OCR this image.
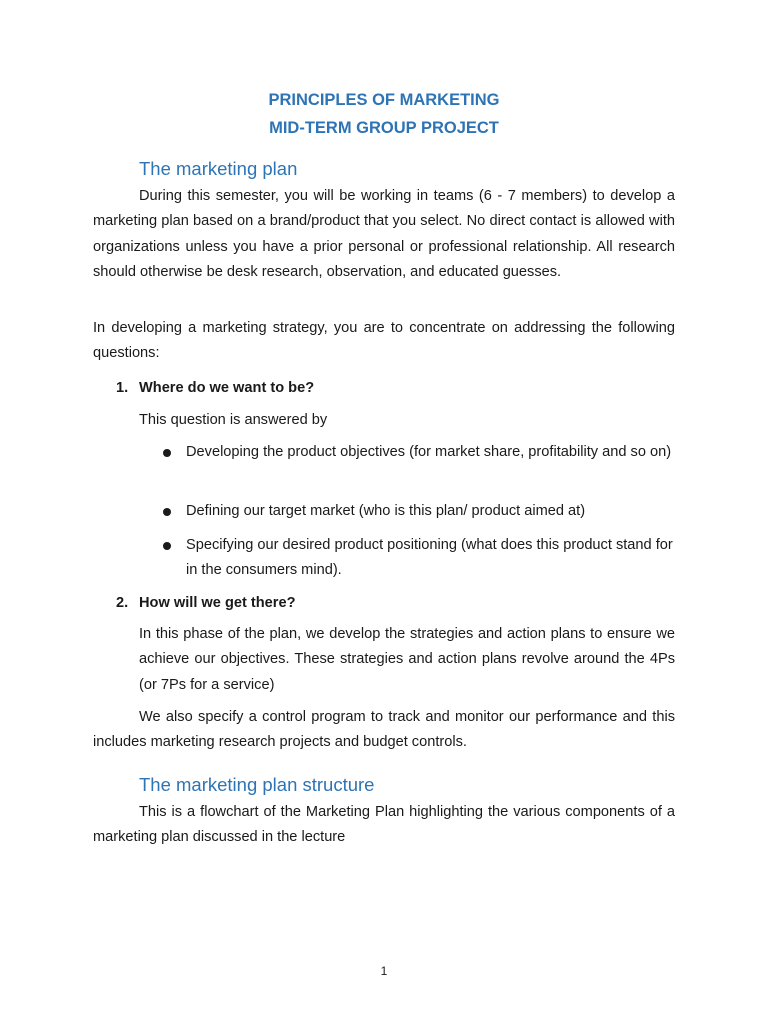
PRINCIPLES OF MARKETING
MID-TERM GROUP PROJECT
The marketing plan
During this semester, you will be working in teams (6 - 7 members) to develop a marketing plan based on a brand/product that you select. No direct contact is allowed with organizations unless you have a prior personal or professional relationship. All research should otherwise be desk research, observation, and educated guesses.
In developing a marketing strategy, you are to concentrate on addressing the following questions:
1. Where do we want to be?
This question is answered by
Developing the product objectives (for market share, profitability and so on)
Defining our target market (who is this plan/ product aimed at)
Specifying our desired product positioning (what does this product stand for in the consumers mind).
2. How will we get there?
In this phase of the plan, we develop the strategies and action plans to ensure we achieve our objectives. These strategies and action plans revolve around the 4Ps (or 7Ps for a service)
We also specify a control program to track and monitor our performance and this includes marketing research projects and budget controls.
The marketing plan structure
This is a flowchart of the Marketing Plan highlighting the various components of a marketing plan discussed in the lecture
1
